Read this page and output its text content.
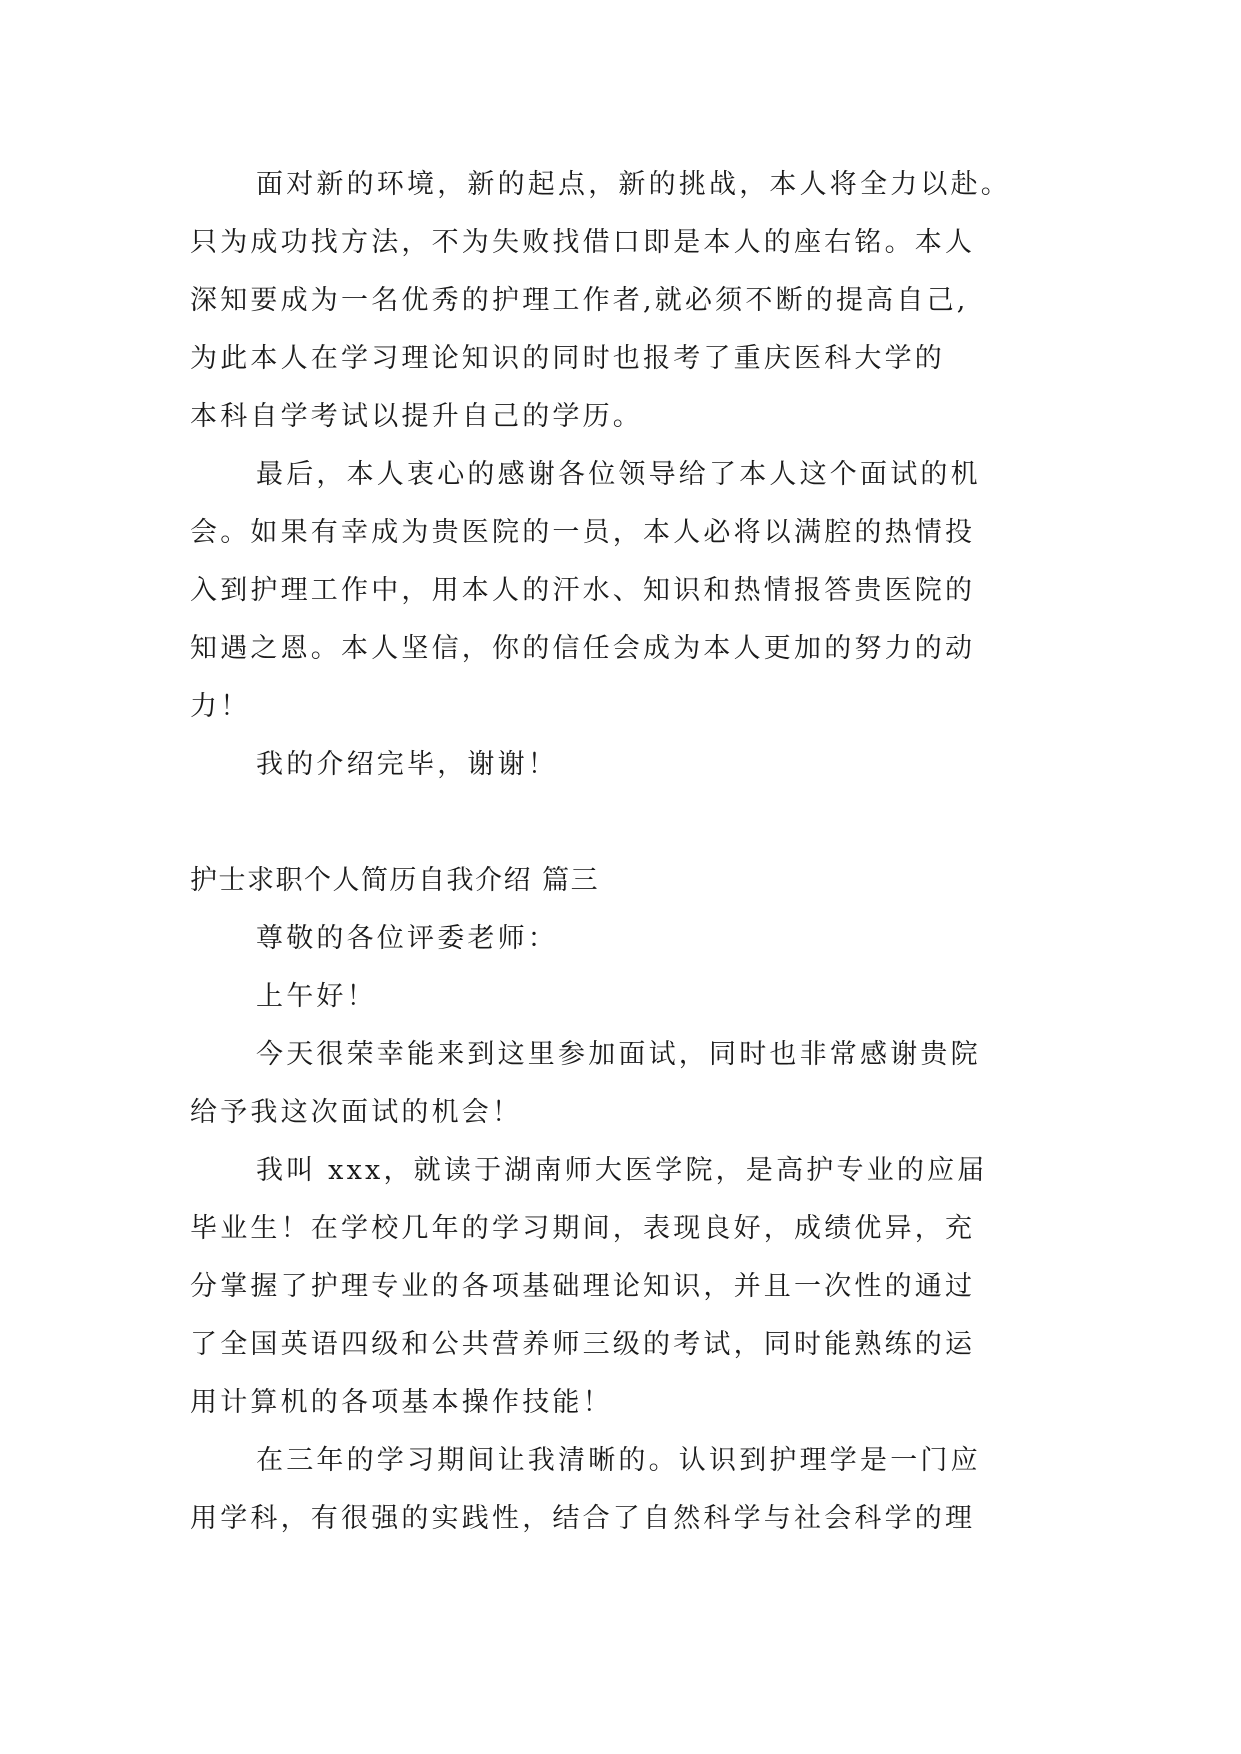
面对新的环境，新的起点，新的挑战，本人将全力以赴。
只为成功找方法，不为失败找借口即是本人的座右铭。本人
深知要成为一名优秀的护理工作者,就必须不断的提高自己,
为此本人在学习理论知识的同时也报考了重庆医科大学的
本科自学考试以提升自己的学历。
最后，本人衷心的感谢各位领导给了本人这个面试的机
会。如果有幸成为贵医院的一员，本人必将以满腔的热情投
入到护理工作中，用本人的汗水、知识和热情报答贵医院的
知遇之恩。本人坚信，你的信任会成为本人更加的努力的动
力！
我的介绍完毕，谢谢！
护士求职个人简历自我介绍 篇三
尊敬的各位评委老师：
上午好！
今天很荣幸能来到这里参加面试，同时也非常感谢贵院
给予我这次面试的机会！
我叫 xxx，就读于湖南师大医学院，是高护专业的应届
毕业生！在学校几年的学习期间，表现良好，成绩优异，充
分掌握了护理专业的各项基础理论知识，并且一次性的通过
了全国英语四级和公共营养师三级的考试，同时能熟练的运
用计算机的各项基本操作技能！
在三年的学习期间让我清晰的。认识到护理学是一门应
用学科，有很强的实践性，结合了自然科学与社会科学的理
